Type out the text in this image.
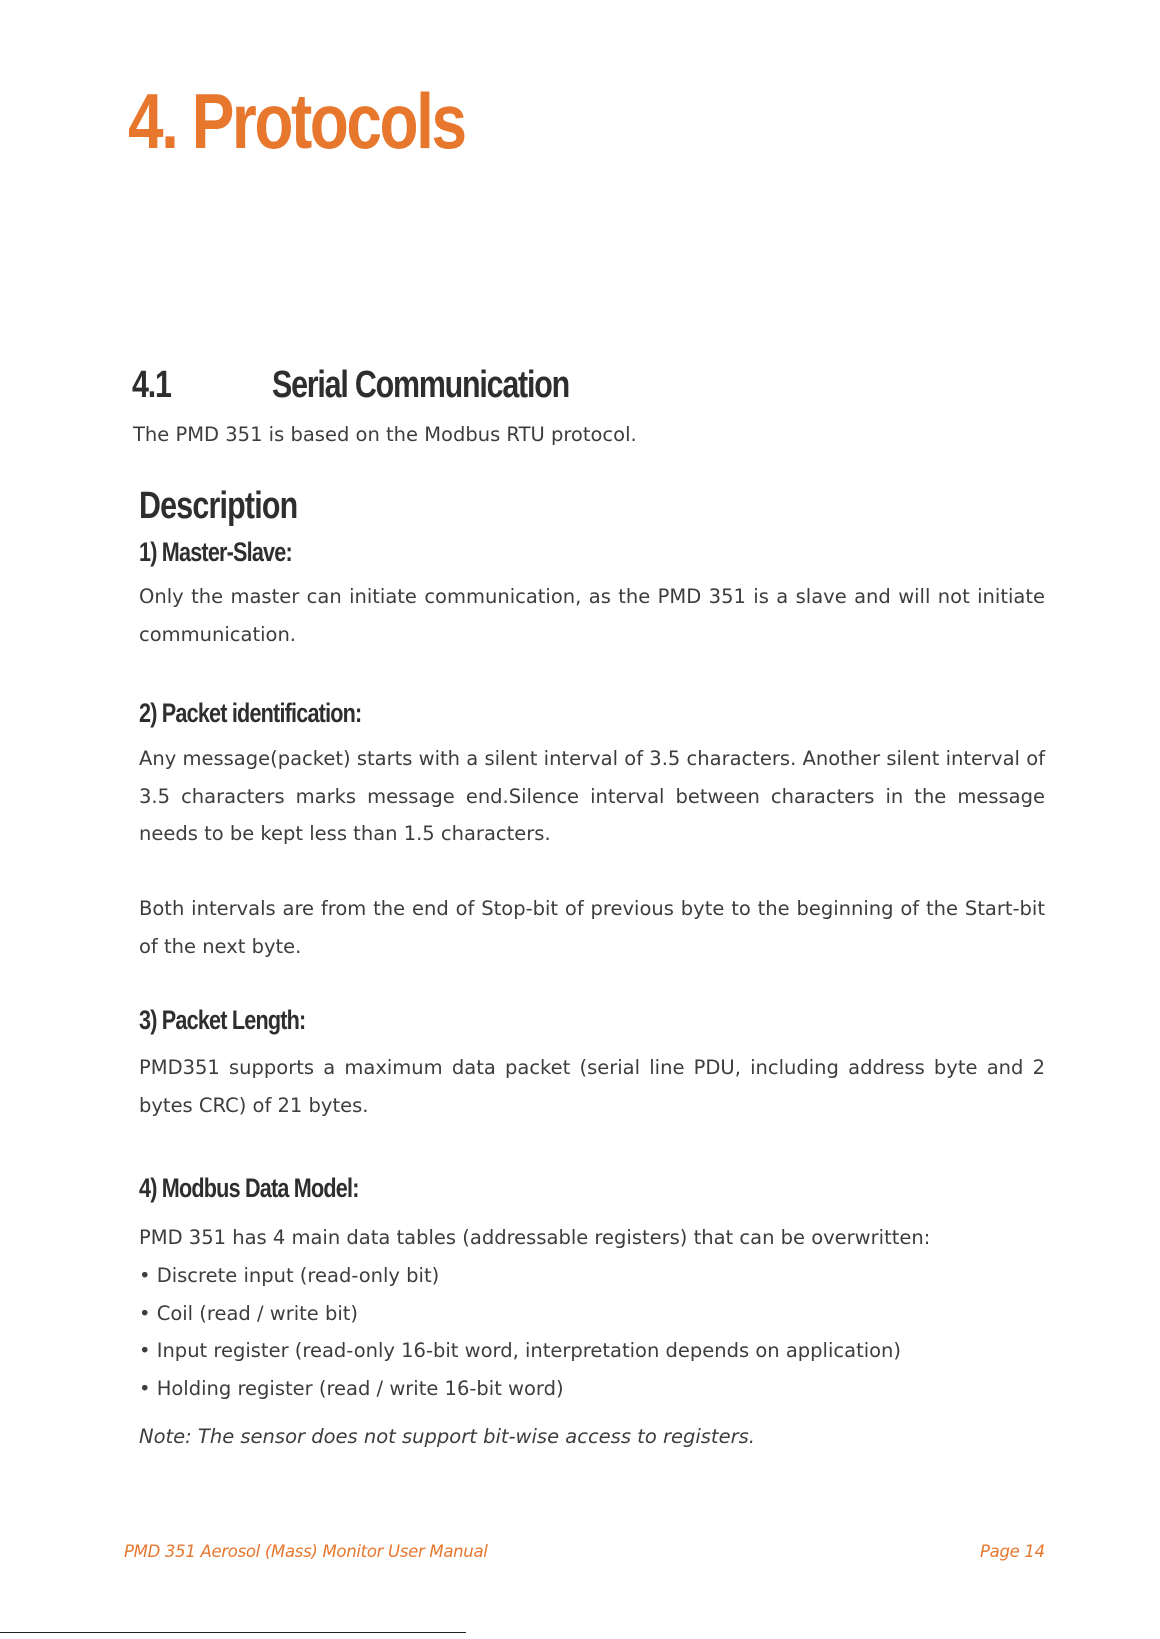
4. Protocols
4.1	Serial Communication

The PMD 351 is based on the Modbus RTU protocol.

Description
1) Master-Slave:

Only the master can initiate communication, as the PMD 351 is a slave and will not initiate communication.

2) Packet identification:

Any message(packet) starts with a silent interval of 3.5 characters. Another silent interval of 3.5 characters marks message end.Silence interval between characters in the message needs to be kept less than 1.5 characters.

Both intervals are from the end of Stop-bit of previous byte to the beginning of the Start-bit of the next byte.

3) Packet Length:

PMD351 supports a maximum data packet (serial line PDU, including address byte and 2 bytes CRC) of 21 bytes.

4) Modbus Data Model:

PMD 351 has 4 main data tables (addressable registers) that can be overwritten:

• Discrete input (read-only bit)
• Coil (read / write bit)
• Input register (read-only 16-bit word, interpretation depends on application)
• Holding register (read / write 16-bit word)

Note: The sensor does not support bit-wise access to registers.

PMD 351 Aerosol (Mass) Monitor User Manual	Page 14
